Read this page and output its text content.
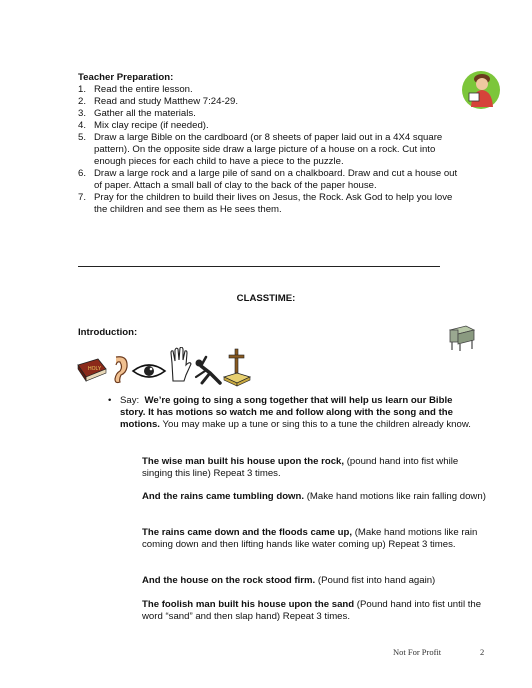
Teacher Preparation:
1. Read the entire lesson.
2. Read and study Matthew 7:24-29.
3. Gather all the materials.
4. Mix clay recipe (if needed).
5. Draw a large Bible on the cardboard (or 8 sheets of paper laid out in a 4X4 square pattern). On the opposite side draw a large picture of a house on a rock. Cut into enough pieces for each child to have a piece to the puzzle.
6. Draw a large rock and a large pile of sand on a chalkboard. Draw and cut a house out of paper. Attach a small ball of clay to the back of the paper house.
7. Pray for the children to build their lives on Jesus, the Rock. Ask God to help you love the children and see them as He sees them.
CLASSTIME:
Introduction:
HOLY
• Say: We’re going to sing a song together that will help us learn our Bible story. It has motions so watch me and follow along with the song and the motions. You may make up a tune or sing this to a tune the children already know.
The wise man built his house upon the rock, (pound hand into fist while singing this line) Repeat 3 times.
And the rains came tumbling down. (Make hand motions like rain falling down)
The rains came down and the floods came up, (Make hand motions like rain coming down and then lifting hands like water coming up) Repeat 3 times.
And the house on the rock stood firm. (Pound fist into hand again)
The foolish man built his house upon the sand (Pound hand into fist until the word “sand” and then slap hand) Repeat 3 times.
Not For Profit	2
